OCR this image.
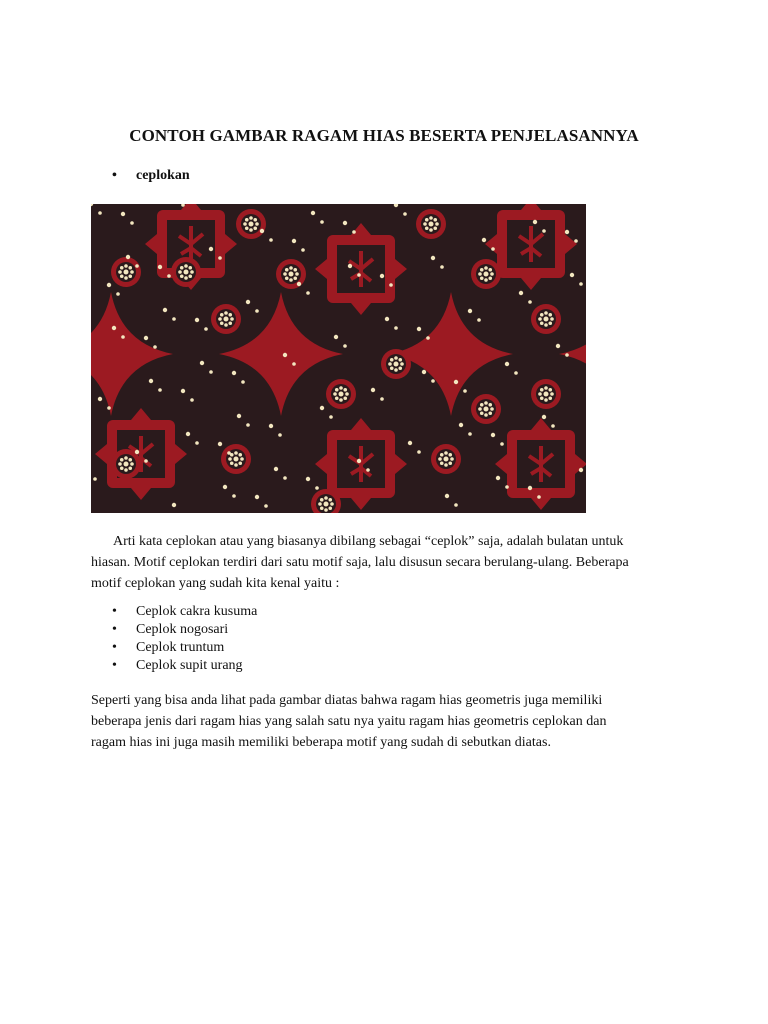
CONTOH GAMBAR RAGAM HIAS BESERTA PENJELASANNYA
• ceplokan
Arti kata ceplokan atau yang biasanya dibilang sebagai “ceplok” saja, adalah bulatan untuk
hiasan. Motif ceplokan terdiri dari satu motif saja, lalu disusun secara berulang-ulang. Beberapa
motif ceplokan yang sudah kita kenal yaitu :
• Ceplok cakra kusuma
• Ceplok nogosari
• Ceplok truntum
• Ceplok supit urang
Seperti yang bisa anda lihat pada gambar diatas bahwa ragam hias geometris juga memiliki
beberapa jenis dari ragam hias yang salah satu nya yaitu ragam hias geometris ceplokan dan
ragam hias ini juga masih memiliki beberapa motif yang sudah di sebutkan diatas.
